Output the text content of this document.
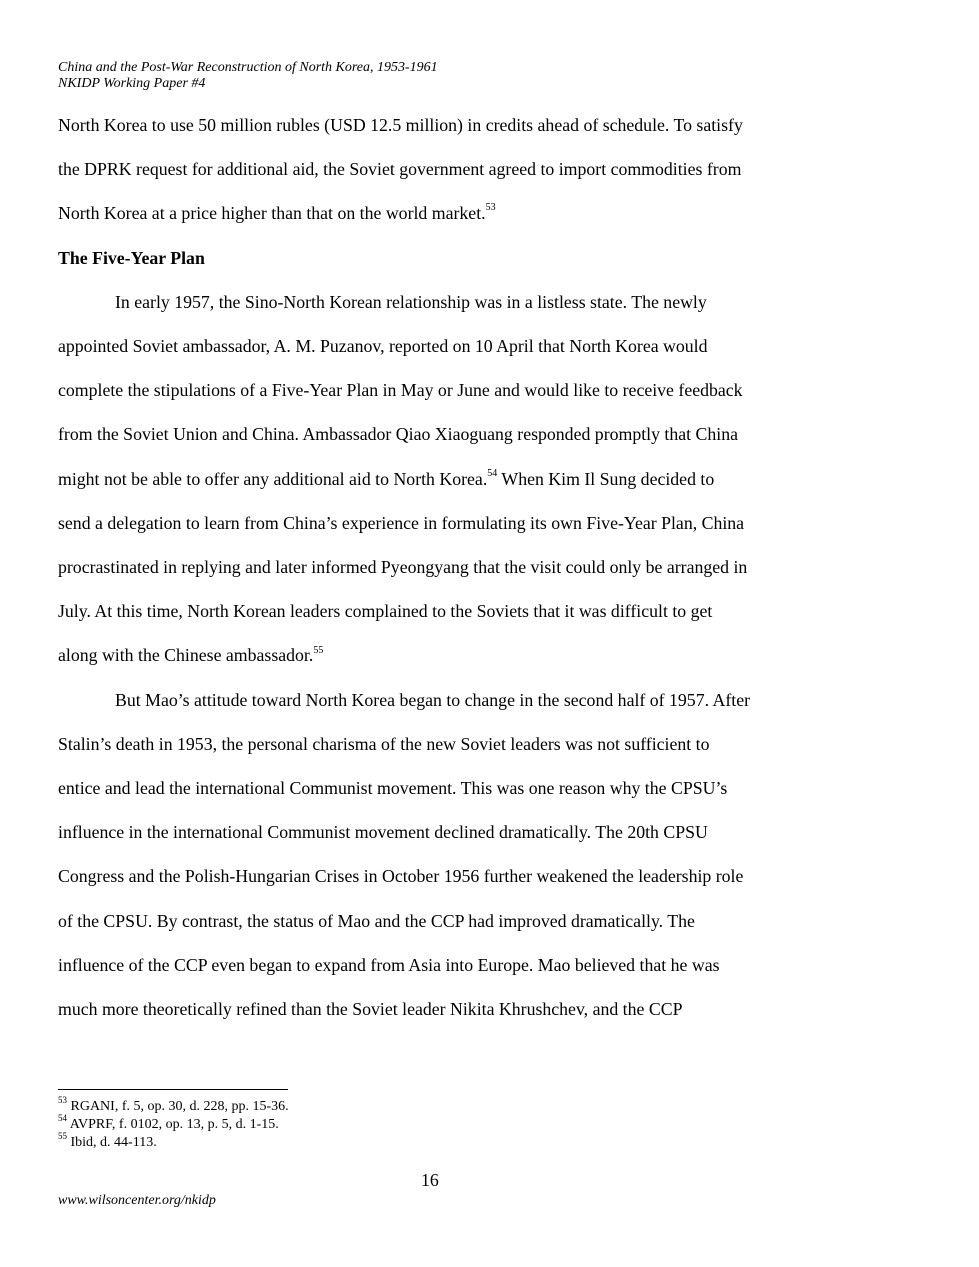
China and the Post-War Reconstruction of North Korea, 1953-1961
NKIDP Working Paper #4
North Korea to use 50 million rubles (USD 12.5 million) in credits ahead of schedule. To satisfy
the DPRK request for additional aid, the Soviet government agreed to import commodities from
North Korea at a price higher than that on the world market.$^{53}$
The Five-Year Plan
In early 1957, the Sino-North Korean relationship was in a listless state. The newly
appointed Soviet ambassador, A. M. Puzanov, reported on 10 April that North Korea would
complete the stipulations of a Five-Year Plan in May or June and would like to receive feedback
from the Soviet Union and China. Ambassador Qiao Xiaoguang responded promptly that China
might not be able to offer any additional aid to North Korea.$^{54}$ When Kim Il Sung decided to
send a delegation to learn from China’s experience in formulating its own Five-Year Plan, China
procrastinated in replying and later informed Pyeongyang that the visit could only be arranged in
July. At this time, North Korean leaders complained to the Soviets that it was difficult to get
along with the Chinese ambassador.$^{55}$
But Mao’s attitude toward North Korea began to change in the second half of 1957. After
Stalin’s death in 1953, the personal charisma of the new Soviet leaders was not sufficient to
entice and lead the international Communist movement. This was one reason why the CPSU’s
influence in the international Communist movement declined dramatically. The 20th CPSU
Congress and the Polish-Hungarian Crises in October 1956 further weakened the leadership role
of the CPSU. By contrast, the status of Mao and the CCP had improved dramatically. The
influence of the CCP even began to expand from Asia into Europe. Mao believed that he was
much more theoretically refined than the Soviet leader Nikita Khrushchev, and the CCP
$^{53}$ RGANI, f. 5, op. 30, d. 228, pp. 15-36.
$^{54}$ AVPRF, f. 0102, op. 13, p. 5, d. 1-15.
$^{55}$ Ibid, d. 44-113.
16
www.wilsoncenter.org/nkidp
